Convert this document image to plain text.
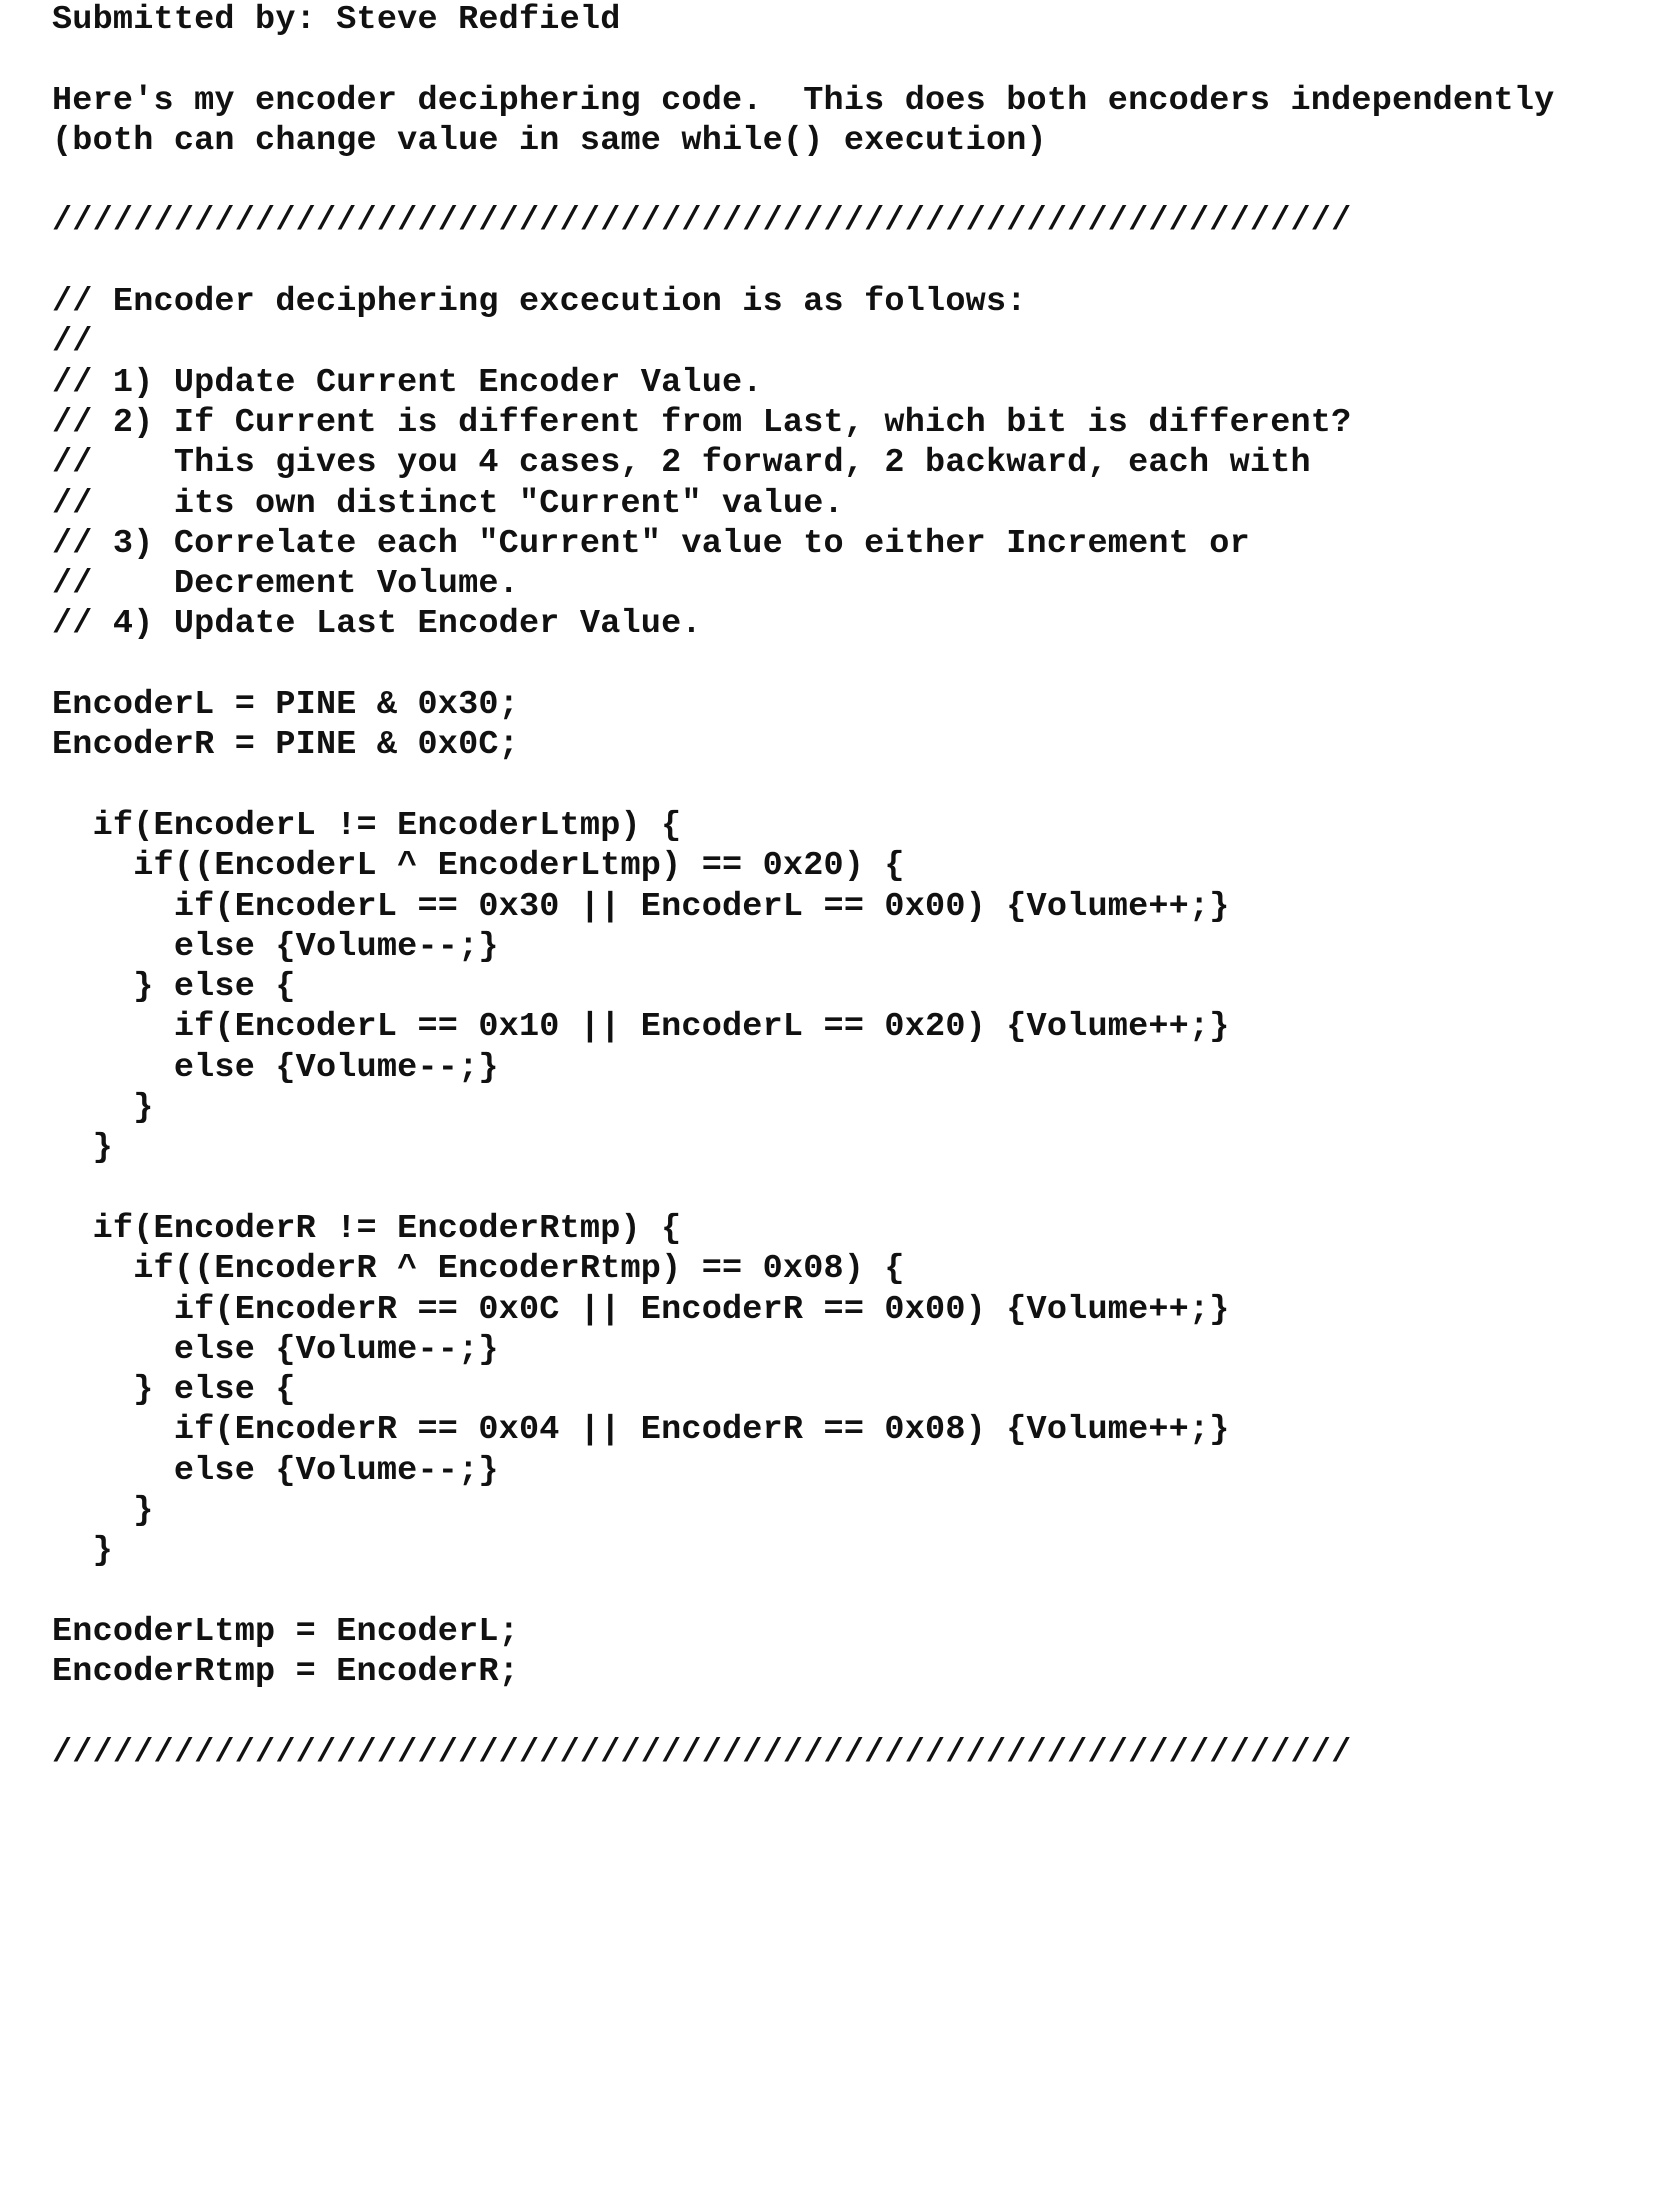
Submitted by: Steve Redfield
Here's my encoder deciphering code.  This does both encoders independently
(both can change value in same while() execution)
////////////////////////////////////////////////////////////////
// Encoder deciphering excecution is as follows:
//
// 1) Update Current Encoder Value.
// 2) If Current is different from Last, which bit is different?
//    This gives you 4 cases, 2 forward, 2 backward, each with
//    its own distinct "Current" value.
// 3) Correlate each "Current" value to either Increment or
//    Decrement Volume.
// 4) Update Last Encoder Value.
EncoderL = PINE & 0x30;
EncoderR = PINE & 0x0C;
if(EncoderL != EncoderLtmp) {
if((EncoderL ^ EncoderLtmp) == 0x20) {
if(EncoderL == 0x30 || EncoderL == 0x00) {Volume++;}
else {Volume--;}
} else {
if(EncoderL == 0x10 || EncoderL == 0x20) {Volume++;}
else {Volume--;}
}
}
if(EncoderR != EncoderRtmp) {
if((EncoderR ^ EncoderRtmp) == 0x08) {
if(EncoderR == 0x0C || EncoderR == 0x00) {Volume++;}
else {Volume--;}
} else {
if(EncoderR == 0x04 || EncoderR == 0x08) {Volume++;}
else {Volume--;}
}
}
EncoderLtmp = EncoderL;
EncoderRtmp = EncoderR;
////////////////////////////////////////////////////////////////
